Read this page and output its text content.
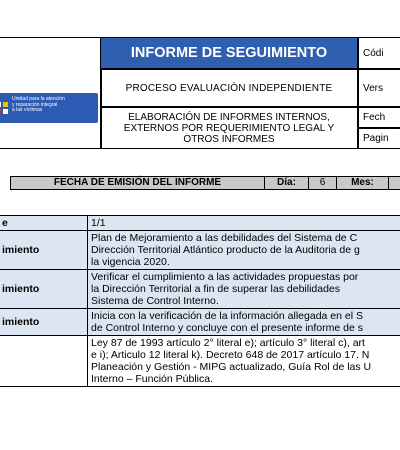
Unidad para la atención
y reparación integral
a las víctimas
INFORME DE SEGUIMIENTO
PROCESO EVALUACIÒN INDEPENDIENTE
ELABORACIÓN DE INFORMES INTERNOS,
EXTERNOS POR REQUERIMIENTO LEGAL Y
OTROS INFORMES
Códi
Vers
Fech
Pagin
FECHA DE EMISIÓN DEL INFORME	Día:	6	Mes:
e	1/1

imiento	Plan de Mejoramiento a las debilidades del Sistema de C
Dirección Territorial Atlántico producto de la Auditoria de g
la vigencia 2020.

imiento	Verificar el cumplimiento a las actividades propuestas por
la Dirección Territorial a fin de superar las debilidades
Sistema de Control Interno.

imiento	Inicia con la verificación de la información allegada en el S
de Control Interno y concluye con el presente informe de s

	Ley 87 de 1993 artículo 2° literal e); artículo 3° literal c), art
e i); Articulo 12 literal k). Decreto 648 de 2017 artículo 17. N
Planeación y Gestión - MIPG actualizado, Guía Rol de las U
Interno – Función Pública.
